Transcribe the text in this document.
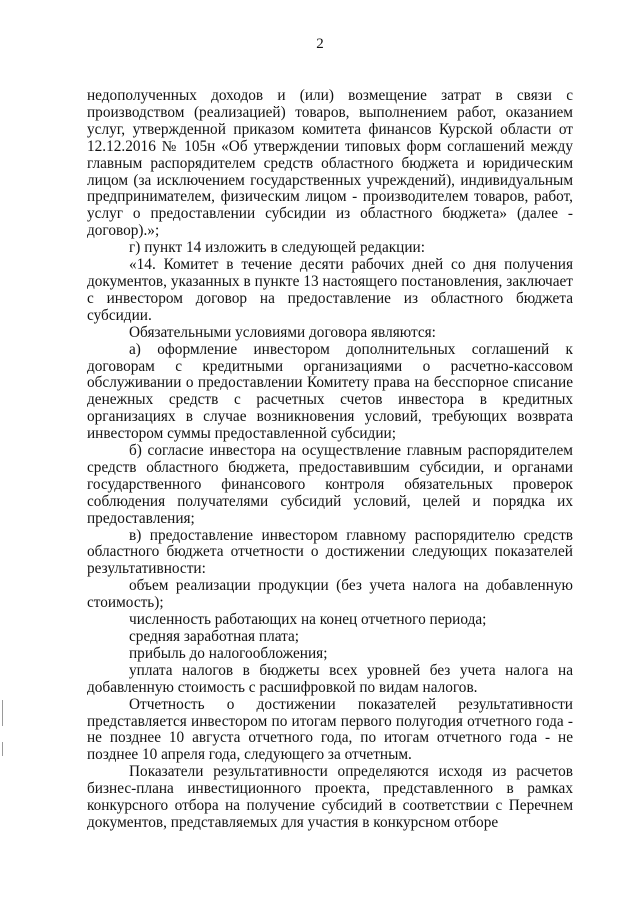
2

недополученных доходов и (или) возмещение затрат в связи с производством (реализацией) товаров, выполнением работ, оказанием услуг, утвержденной приказом комитета финансов Курской области от 12.12.2016 № 105н «Об утверждении типовых форм соглашений между главным распорядителем средств областного бюджета и юридическим лицом (за исключением государственных учреждений), индивидуальным предпринимателем, физическим лицом - производителем товаров, работ, услуг о предоставлении субсидии из областного бюджета» (далее - договор).»;

г) пункт 14 изложить в следующей редакции:

«14. Комитет в течение десяти рабочих дней со дня получения документов, указанных в пункте 13 настоящего постановления, заключает с инвестором договор на предоставление из областного бюджета субсидии.

Обязательными условиями договора являются:

а) оформление инвестором дополнительных соглашений к договорам с кредитными организациями о расчетно-кассовом обслуживании о предоставлении Комитету права на бесспорное списание денежных средств с расчетных счетов инвестора в кредитных организациях в случае возникновения условий, требующих возврата инвестором суммы предоставленной субсидии;

б) согласие инвестора на осуществление главным распорядителем средств областного бюджета, предоставившим субсидии, и органами государственного финансового контроля обязательных проверок соблюдения получателями субсидий условий, целей и порядка их предоставления;

в) предоставление инвестором главному распорядителю средств областного бюджета отчетности о достижении следующих показателей результативности:

объем реализации продукции (без учета налога на добавленную стоимость);

численность работающих на конец отчетного периода;

средняя заработная плата;

прибыль до налогообложения;

уплата налогов в бюджеты всех уровней без учета налога на добавленную стоимость с расшифровкой по видам налогов.

Отчетность о достижении показателей результативности представляется инвестором по итогам первого полугодия отчетного года - не позднее 10 августа отчетного года, по итогам отчетного года - не позднее 10 апреля года, следующего за отчетным.

Показатели результативности определяются исходя из расчетов бизнес-плана инвестиционного проекта, представленного в рамках конкурсного отбора на получение субсидий в соответствии с Перечнем документов, представляемых для участия в конкурсном отборе
